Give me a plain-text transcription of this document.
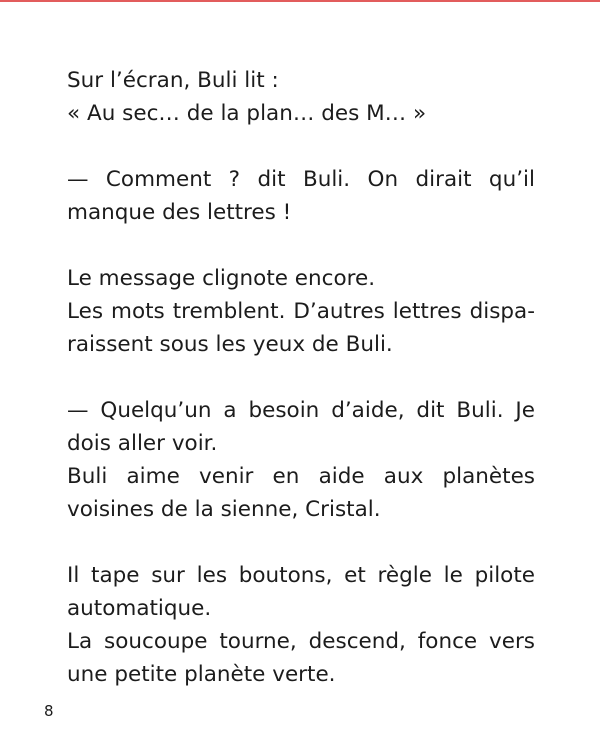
Sur l’écran, Buli lit :
« Au sec… de la plan… des M… »

— Comment ? dit Buli. On dirait qu’il manque des lettres !

Le message clignote encore.
Les mots tremblent. D’autres lettres disparaissent sous les yeux de Buli.

— Quelqu’un a besoin d’aide, dit Buli. Je dois aller voir.
Buli aime venir en aide aux planètes voisines de la sienne, Cristal.

Il tape sur les boutons, et règle le pilote automatique.
La soucoupe tourne, descend, fonce vers une petite planète verte.

8
